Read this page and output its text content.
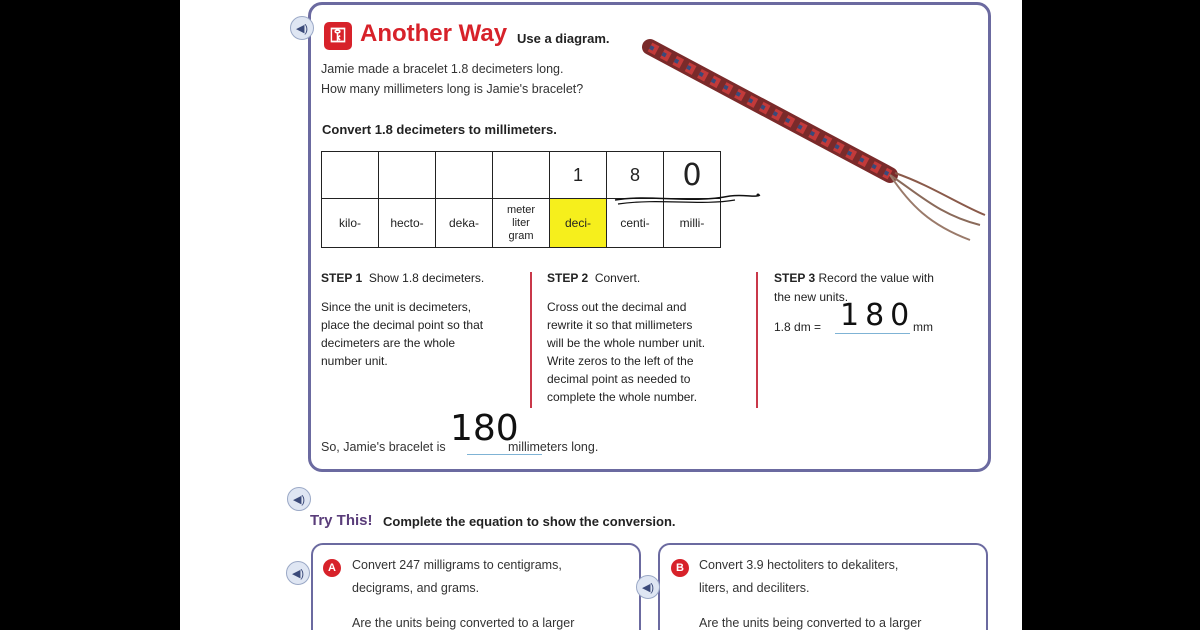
◀)	⚿ Another Way Use a diagram.
Jamie made a bracelet 1.8 decimeters long.
How many millimeters long is Jamie's bracelet?
Convert 1.8 decimeters to millimeters.
				1	8	0
kilo-	hecto-	deka-	meter
liter
gram	deci-	centi-	milli-
STEP 1 Show 1.8 decimeters.
Since the unit is decimeters,
place the decimal point so that
decimeters are the whole
number unit.
STEP 2 Convert.
Cross out the decimal and
rewrite it so that millimeters
will be the whole number unit.
Write zeros to the left of the
decimal point as needed to
complete the whole number.
STEP 3 Record the value with
the new units.
1.8 dm = 180
mm
So, Jamie's bracelet is 180
millimeters long.
◀)
Try This! Complete the equation to show the conversion.
◀)	A	Convert 247 milligrams to centigrams,
decigrams, and grams.
Are the units being converted to a larger
◀)
B	Convert 3.9 hectoliters to dekaliters,
liters, and deciliters.
Are the units being converted to a larger
